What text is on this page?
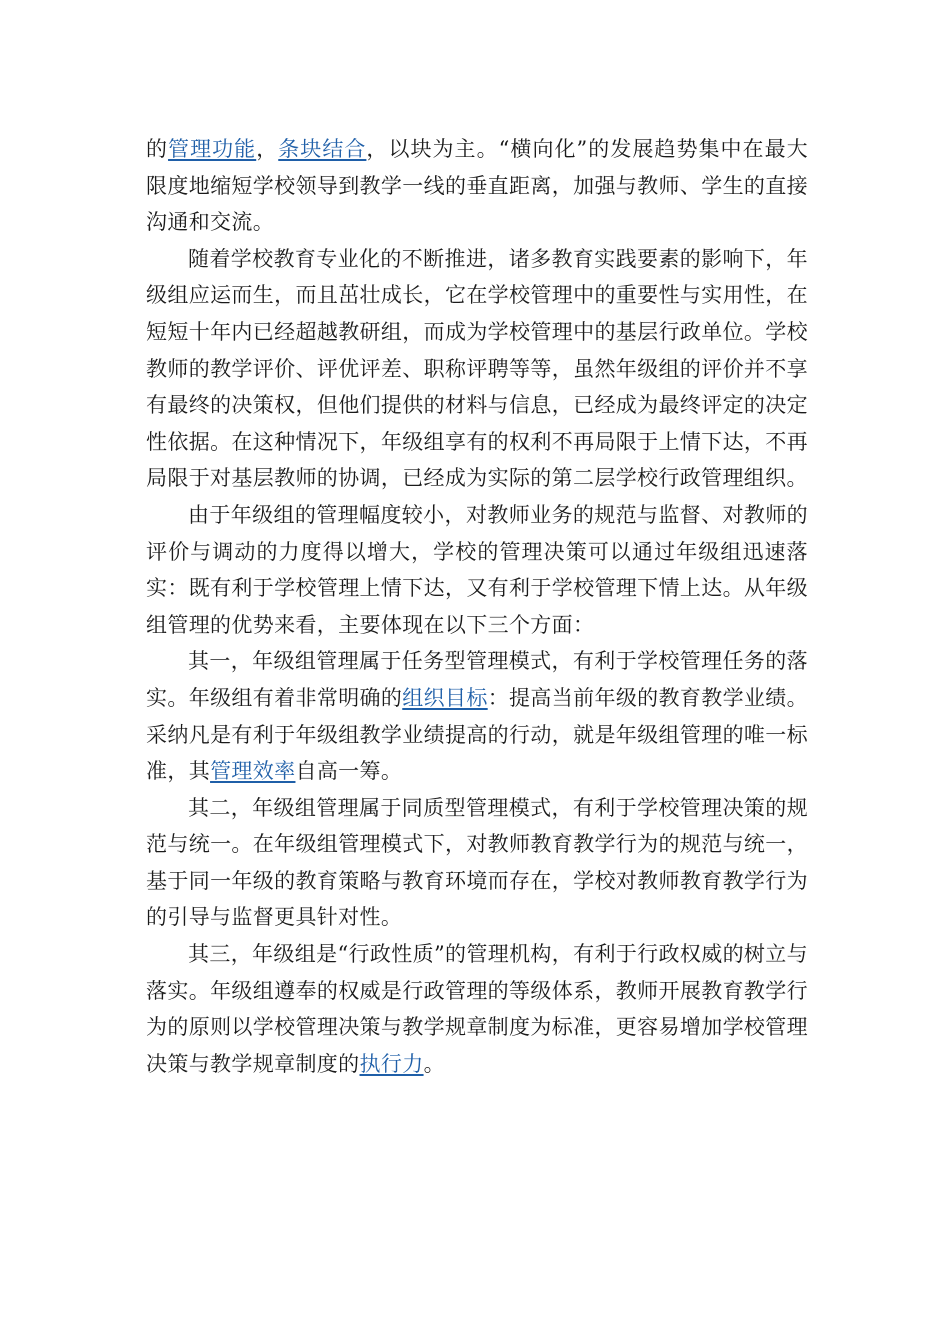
的管理功能，条块结合，以块为主。“横向化”的发展趋势集中在最大限度地缩短学校领导到教学一线的垂直距离，加强与教师、学生的直接沟通和交流。

随着学校教育专业化的不断推进，诸多教育实践要素的影响下，年级组应运而生，而且茁壮成长，它在学校管理中的重要性与实用性，在短短十年内已经超越教研组，而成为学校管理中的基层行政单位。学校教师的教学评价、评优评差、职称评聘等等，虽然年级组的评价并不享有最终的决策权，但他们提供的材料与信息，已经成为最终评定的决定性依据。在这种情况下，年级组享有的权利不再局限于上情下达，不再局限于对基层教师的协调，已经成为实际的第二层学校行政管理组织。

由于年级组的管理幅度较小，对教师业务的规范与监督、对教师的评价与调动的力度得以增大，学校的管理决策可以通过年级组迅速落实：既有利于学校管理上情下达，又有利于学校管理下情上达。从年级组管理的优势来看，主要体现在以下三个方面：

其一，年级组管理属于任务型管理模式，有利于学校管理任务的落实。年级组有着非常明确的组织目标：提高当前年级的教育教学业绩。采纳凡是有利于年级组教学业绩提高的行动，就是年级组管理的唯一标准，其管理效率自高一筹。

其二，年级组管理属于同质型管理模式，有利于学校管理决策的规范与统一。在年级组管理模式下，对教师教育教学行为的规范与统一，基于同一年级的教育策略与教育环境而存在，学校对教师教育教学行为的引导与监督更具针对性。

其三，年级组是“行政性质”的管理机构，有利于行政权威的树立与落实。年级组遵奉的权威是行政管理的等级体系，教师开展教育教学行为的原则以学校管理决策与教学规章制度为标准，更容易增加学校管理决策与教学规章制度的执行力。
